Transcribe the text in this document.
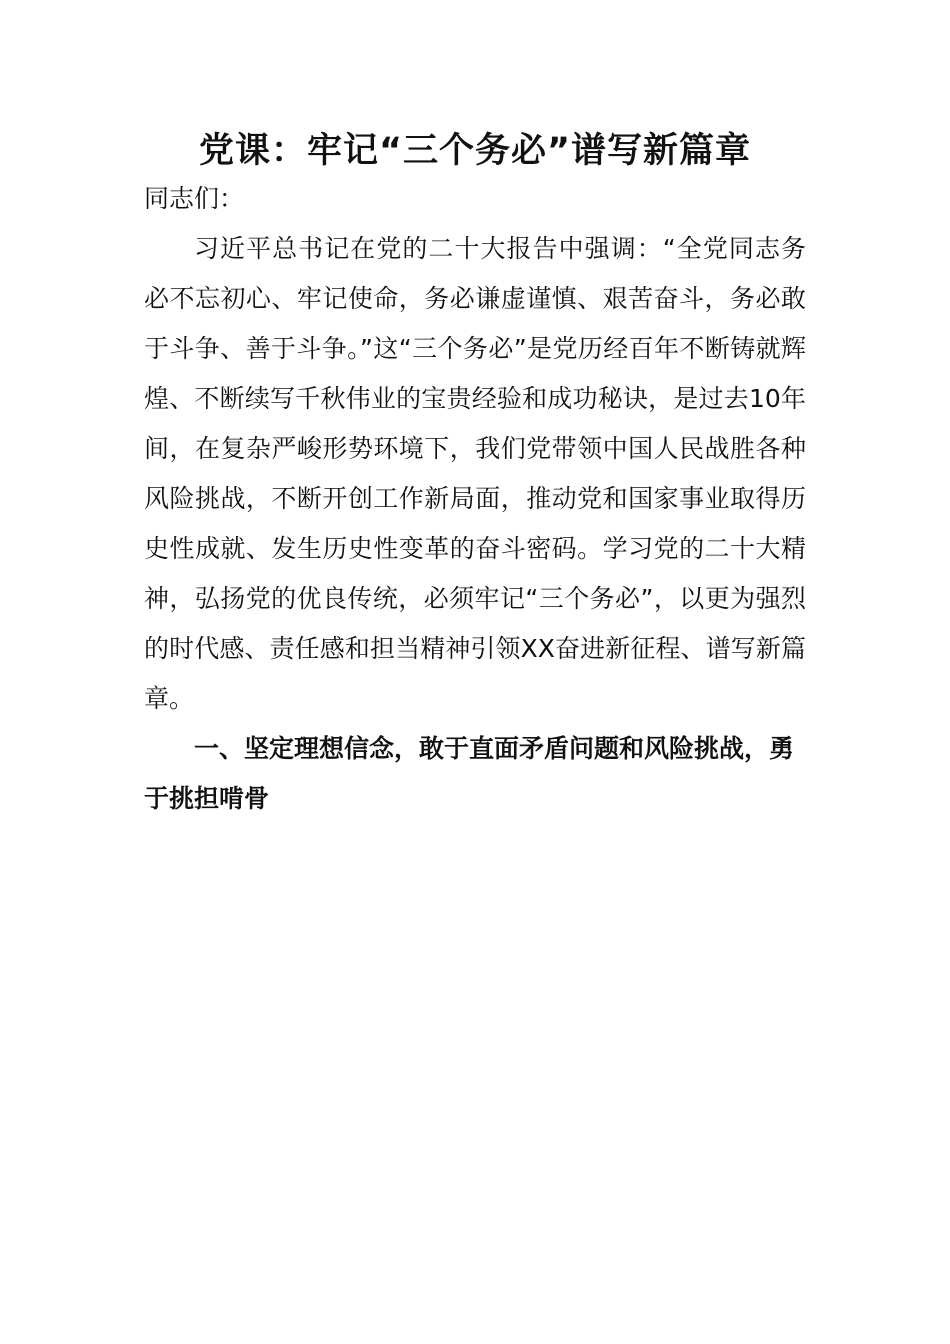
党课：牢记“三个务必”谱写新篇章

同志们：

习近平总书记在党的二十大报告中强调：“全党同志务必不忘初心、牢记使命，务必谦虚谨慎、艰苦奋斗，务必敢于斗争、善于斗争。”这“三个务必”是党历经百年不断铸就辉煌、不断续写千秋伟业的宝贵经验和成功秘诀，是过去10年间，在复杂严峻形势环境下，我们党带领中国人民战胜各种风险挑战，不断开创工作新局面，推动党和国家事业取得历史性成就、发生历史性变革的奋斗密码。学习党的二十大精神，弘扬党的优良传统，必须牢记“三个务必”，以更为强烈的时代感、责任感和担当精神引领XX奋进新征程、谱写新篇章。

一、坚定理想信念，敢于直面矛盾问题和风险挑战，勇于挑担啃骨
